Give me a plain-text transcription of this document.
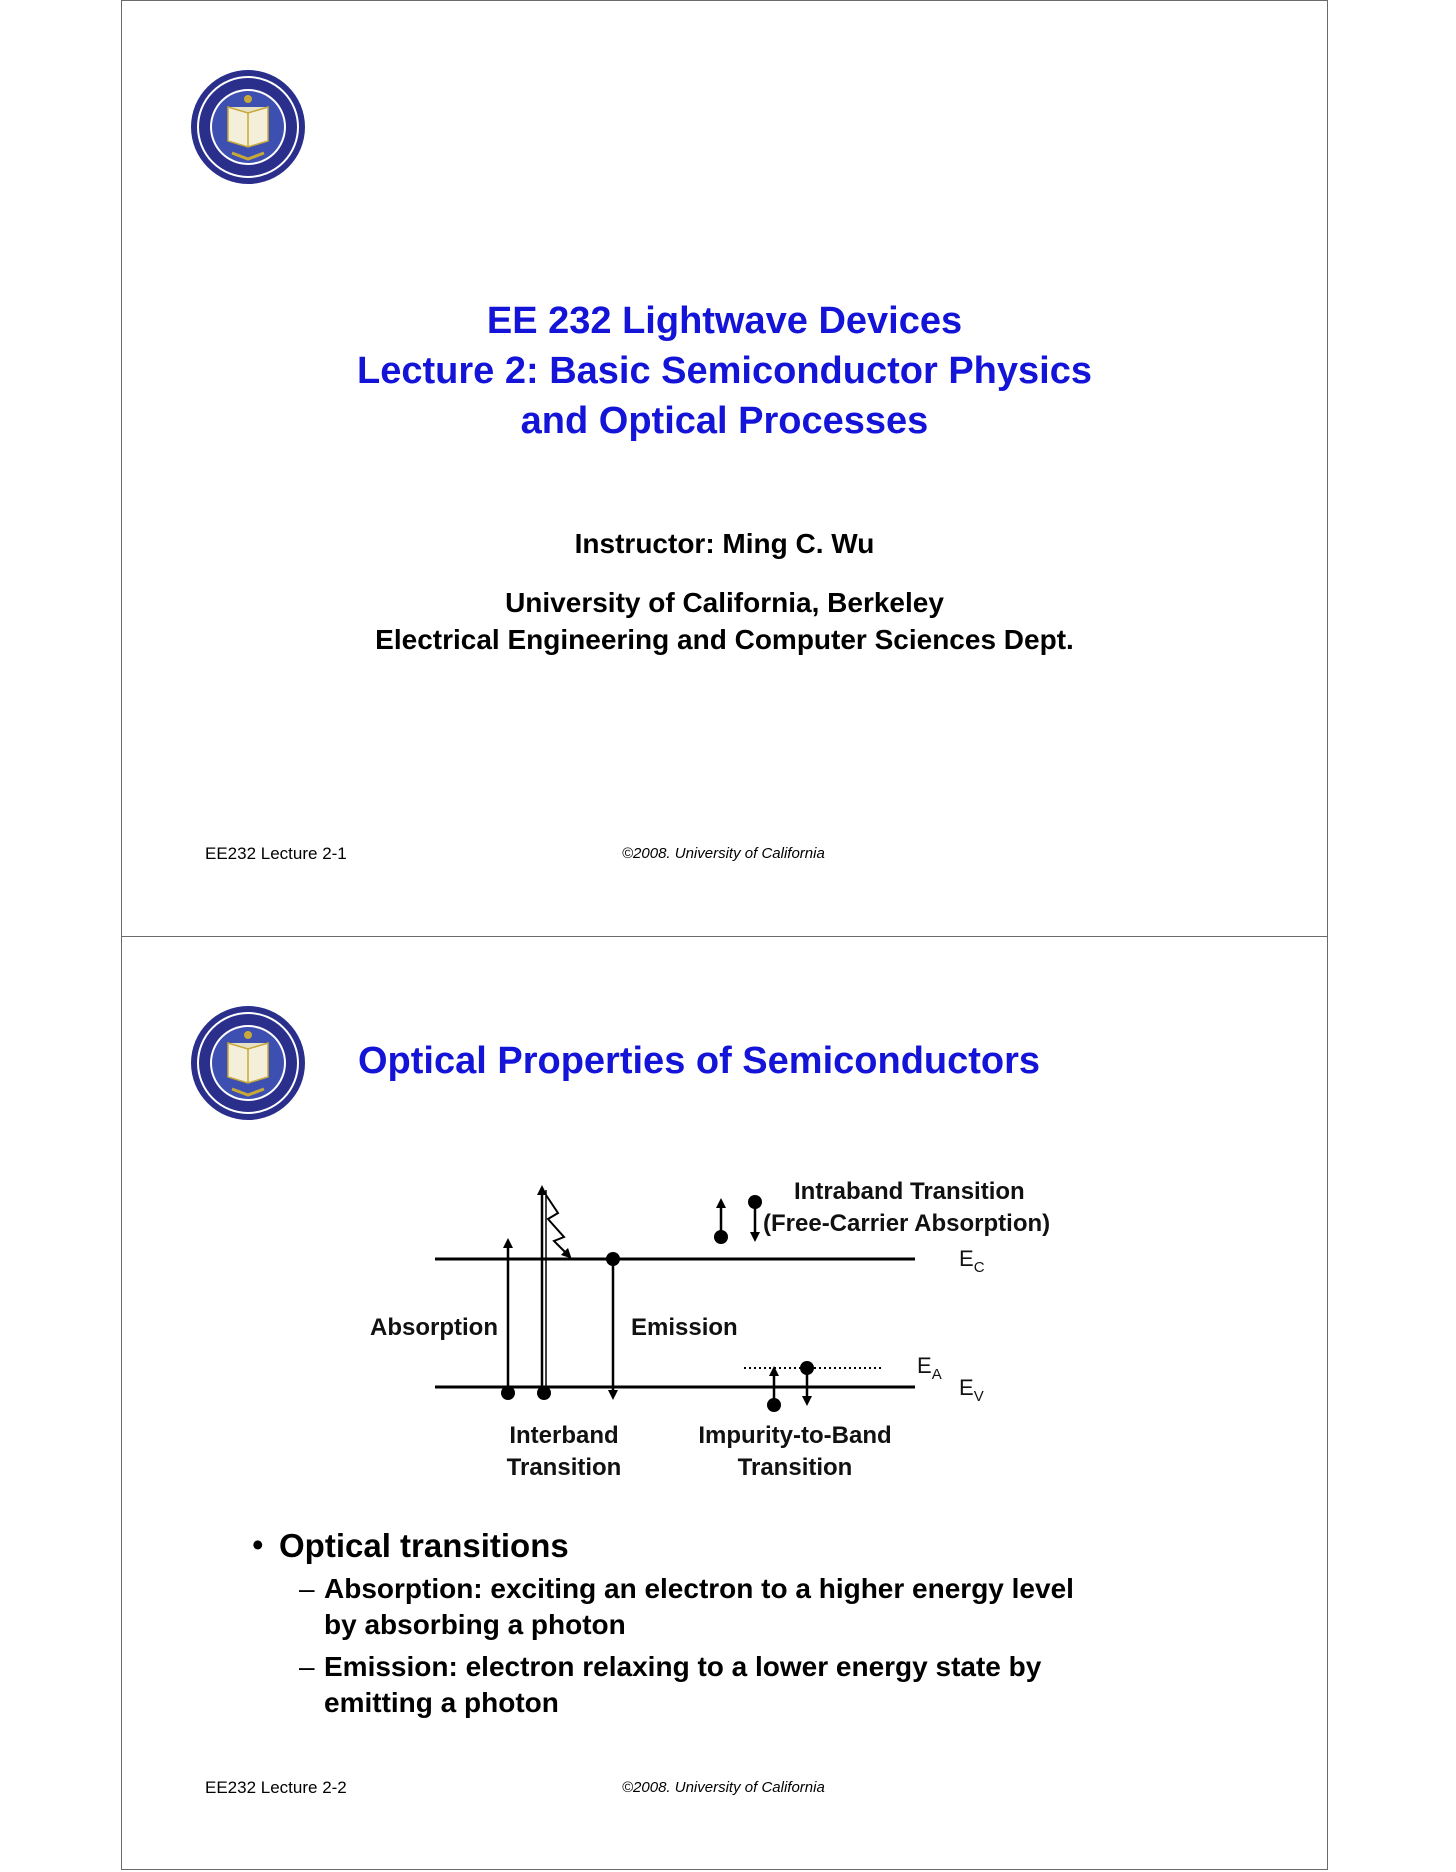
EE 232 Lightwave Devices
Lecture 2: Basic Semiconductor Physics
and Optical Processes
Instructor: Ming C. Wu
University of California, Berkeley
Electrical Engineering and Computer Sciences Dept.
EE232 Lecture 2-1	©2008. University of California
Optical Properties of Semiconductors
Intraband Transition
(Free-Carrier Absorption)
$E_C$
$E_A$
$E_V$
Absorption	Emission
Interband
Transition
Impurity-to-Band
Transition
• Optical transitions
– Absorption: exciting an electron to a higher energy level
by absorbing a photon
– Emission: electron relaxing to a lower energy state by
emitting a photon
EE232 Lecture 2-2	©2008. University of California
